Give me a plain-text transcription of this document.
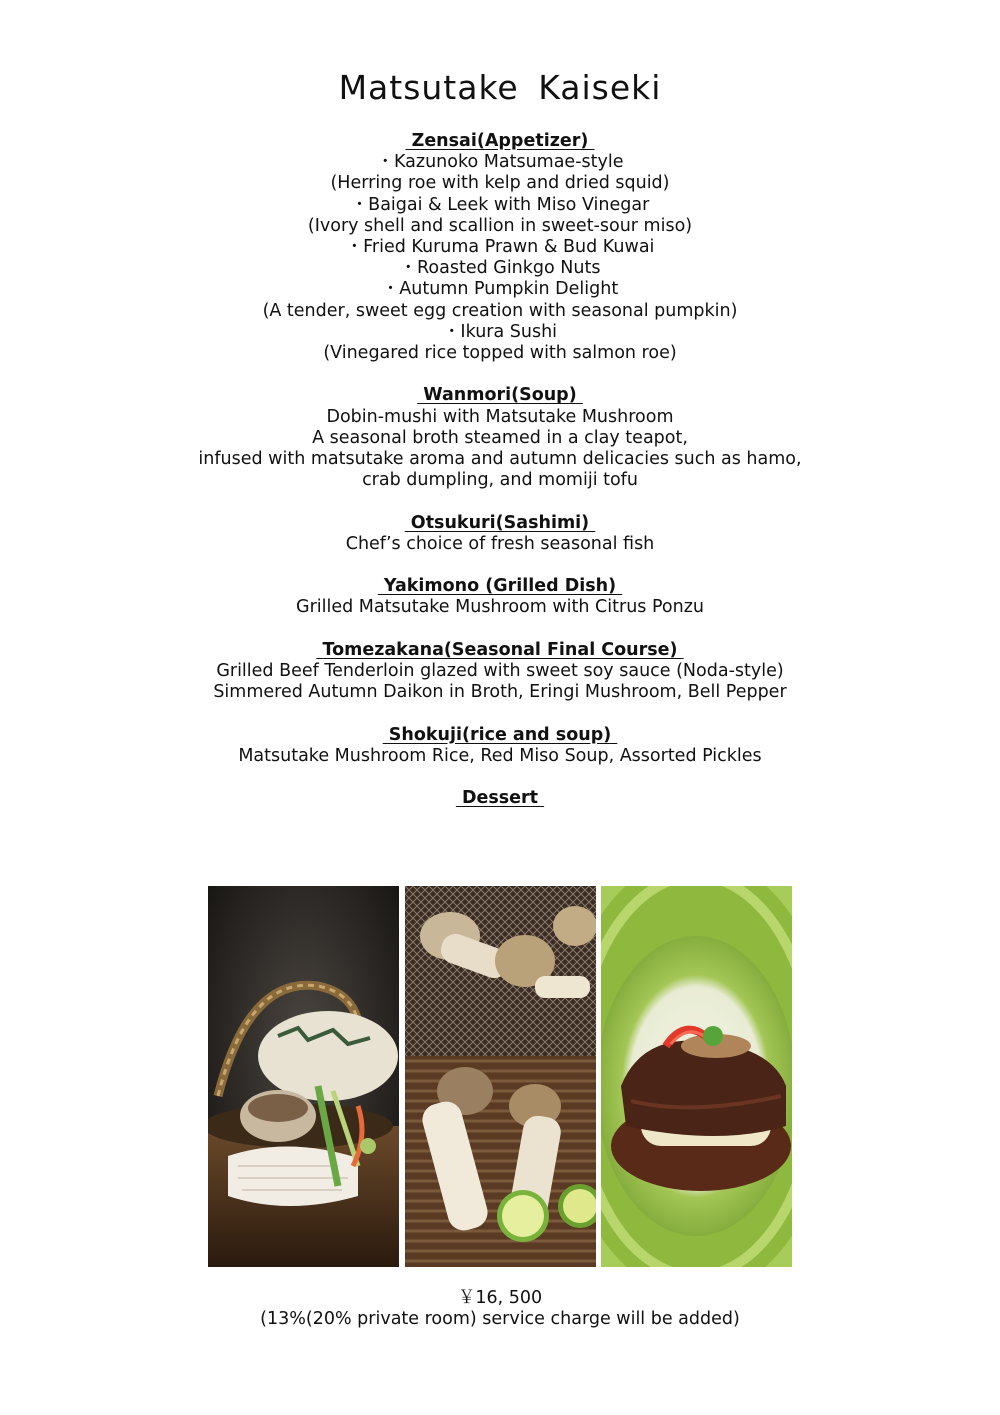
Matsutake Kaiseki
Zensai(Appetizer)
・Kazunoko Matsumae-style
(Herring roe with kelp and dried squid)
・Baigai & Leek with Miso Vinegar
(Ivory shell and scallion in sweet-sour miso)
・Fried Kuruma Prawn & Bud Kuwai
・Roasted Ginkgo Nuts
・Autumn Pumpkin Delight
(A tender, sweet egg creation with seasonal pumpkin)
・Ikura Sushi
(Vinegared rice topped with salmon roe)
Wanmori(Soup)
Dobin-mushi with Matsutake Mushroom
A seasonal broth steamed in a clay teapot,
infused with matsutake aroma and autumn delicacies such as hamo,
crab dumpling, and momiji tofu
Otsukuri(Sashimi)
Chef’s choice of fresh seasonal fish
Yakimono (Grilled Dish)
Grilled Matsutake Mushroom with Citrus Ponzu
Tomezakana(Seasonal Final Course)
Grilled Beef Tenderloin glazed with sweet soy sauce (Noda-style)
Simmered Autumn Daikon in Broth, Eringi Mushroom, Bell Pepper
Shokuji(rice and soup)
Matsutake Mushroom Rice, Red Miso Soup, Assorted Pickles
Dessert
￥16, 500
(13%(20% private room) service charge will be added)
